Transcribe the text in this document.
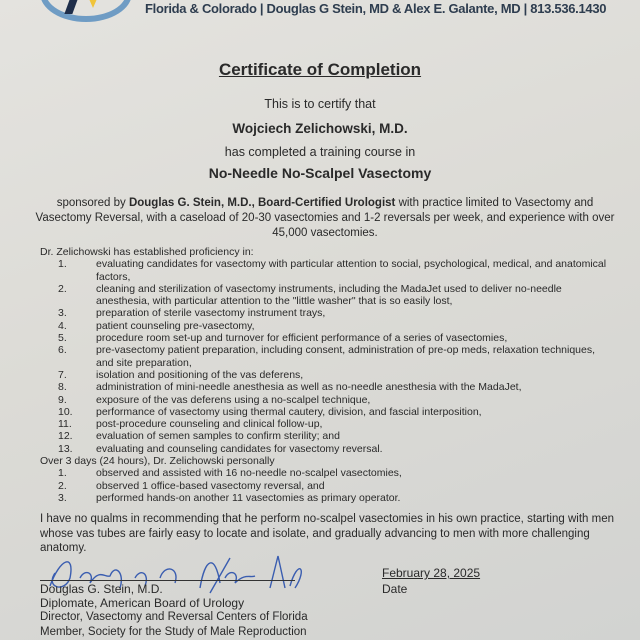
Florida & Colorado | Douglas G Stein, MD & Alex E. Galante, MD | 813.536.1430
Certificate of Completion
This is to certify that
Wojciech Zelichowski, M.D.
has completed a training course in
No-Needle No-Scalpel Vasectomy
sponsored by Douglas G. Stein, M.D., Board-Certified Urologist with practice limited to Vasectomy and Vasectomy Reversal, with a caseload of 20-30 vasectomies and 1-2 reversals per week, and experience with over 45,000 vasectomies.
Dr. Zelichowski has established proficiency in:
1.	evaluating candidates for vasectomy with particular attention to social, psychological, medical, and anatomical factors,
2.	cleaning and sterilization of vasectomy instruments, including the MadaJet used to deliver no-needle anesthesia, with particular attention to the "little washer" that is so easily lost,
3.	preparation of sterile vasectomy instrument trays,
4.	patient counseling pre-vasectomy,
5.	procedure room set-up and turnover for efficient performance of a series of vasectomies,
6.	pre-vasectomy patient preparation, including consent, administration of pre-op meds, relaxation techniques, and site preparation,
7.	isolation and positioning of the vas deferens,
8.	administration of mini-needle anesthesia as well as no-needle anesthesia with the MadaJet,
9.	exposure of the vas deferens using a no-scalpel technique,
10.	performance of vasectomy using thermal cautery, division, and fascial interposition,
11.	post-procedure counseling and clinical follow-up,
12.	evaluation of semen samples to confirm sterility; and
13.	evaluating and counseling candidates for vasectomy reversal.
Over 3 days (24 hours), Dr. Zelichowski personally
1.	observed and assisted with 16 no-needle no-scalpel vasectomies,
2.	observed 1 office-based vasectomy reversal, and
3.	performed hands-on another 11 vasectomies as primary operator.
I have no qualms in recommending that he perform no-scalpel vasectomies in his own practice, starting with men whose vas tubes are fairly easy to locate and isolate, and gradually advancing to men with more challenging anatomy.
Douglas G. Stein, M.D.
Diplomate, American Board of Urology
Director, Vasectomy and Reversal Centers of Florida
Member, Society for the Study of Male Reproduction
February 28, 2025
Date
